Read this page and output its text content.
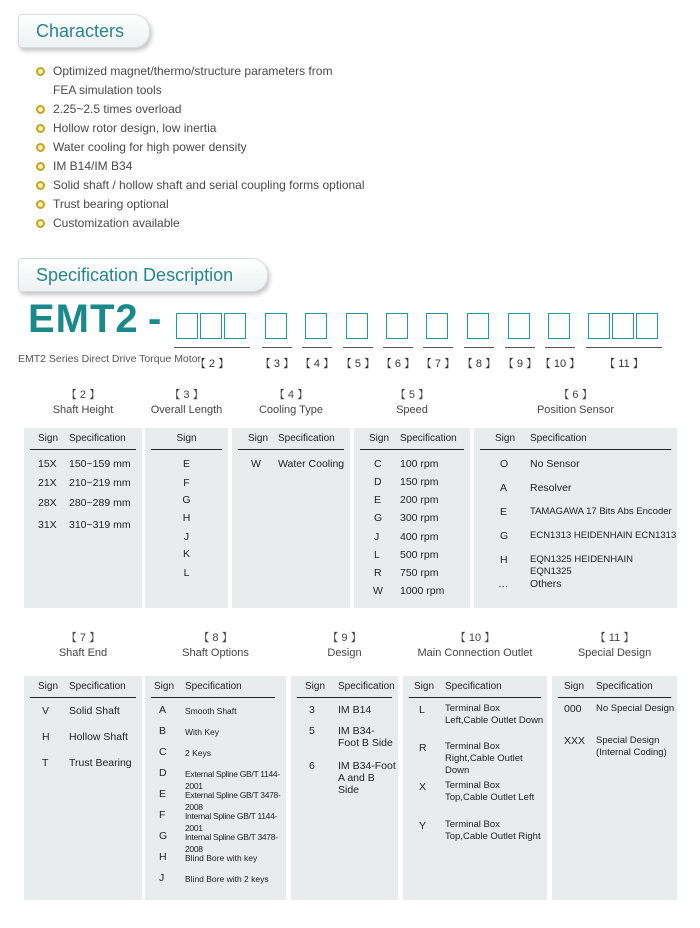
Characters
Optimized magnet/thermo/structure parameters from
FEA simulation tools
2.25~2.5 times overload
Hollow rotor design, low inertia
Water cooling for high power density
IM B14/IM B34
Solid shaft / hollow shaft and serial coupling forms optional
Trust bearing optional
Customization available
Specification Description
EMT2 -
【 2 】	【 3 】 【 4 】 【 5 】 【 6 】 【 7 】 【 8 】 【 9 】 【 10 】	【 11 】
EMT2 Series Direct Drive Torque Motor
【 2 】
Shaft Height
Sign Specification
15X 150~159 mm
21X 210~219 mm
28X 280~289 mm
31X 310~319 mm
【 3 】
Overall Length
Sign
E
F
G
H
J
K
L
【 4 】
Cooling Type
Sign Specification
W Water Cooling
【 5 】
Speed
Sign Specification
C 100 rpm
D 150 rpm
E 200 rpm
G 300 rpm
J 400 rpm
L 500 rpm
R 750 rpm
W 1000 rpm
【 6 】
Position Sensor
Sign Specification
O No Sensor
A Resolver
E TAMAGAWA 17 Bits Abs Encoder
G ECN1313 HEIDENHAIN ECN1313
H EQN1325 HEIDENHAIN EQN1325
… Others
【 7 】
Shaft End
Sign Specification
V Solid Shaft
H Hollow Shaft
T Trust Bearing
【 8 】
Shaft Options
Sign Specification
A Smooth Shaft
B With Key
C 2 Keys
D External Spline GB/T 1144-2001
E External Spline GB/T 3478-2008
F Internal Spline GB/T 1144-2001
G Internal Spline GB/T 3478-2008
H Blind Bore with key
J Blind Bore with 2 keys
【 9 】
Design
Sign Specification
3 IM B14
5 IM B34-Foot B Side
6 IM B34-Foot A and B Side
【 10 】
Main Connection Outlet
Sign Specification
L Terminal Box Left,Cable Outlet Down
R Terminal Box Right,Cable Outlet Down
X Terminal Box Top,Cable Outlet Left
Y Terminal Box Top,Cable Outlet Right
【 11 】
Special Design
Sign Specification
000 No Special Design
XXX Special Design (Internal Coding)
